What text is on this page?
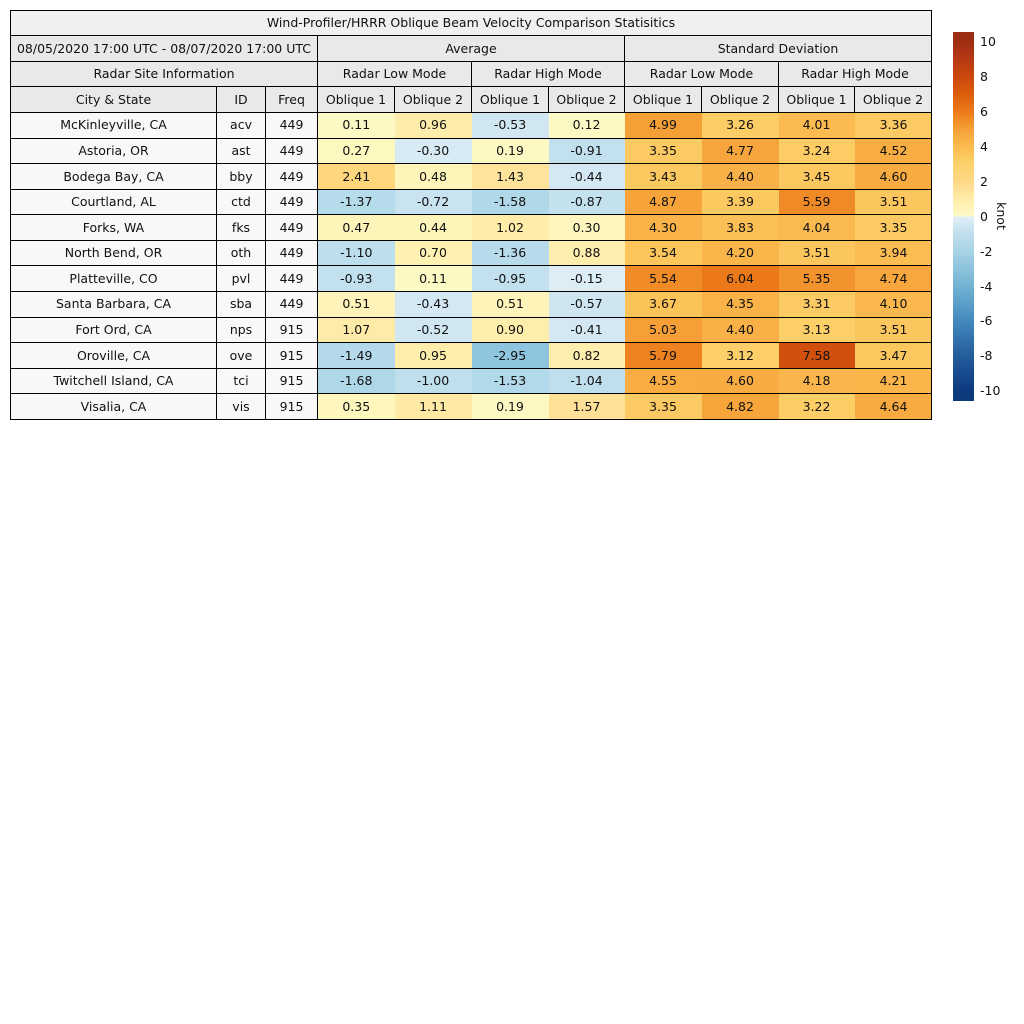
Wind-Profiler/HRRR Oblique Beam Velocity Comparison Statisitics										
08/05/2020 17:00 UTC - 08/07/2020 17:00 UTC			Average				Standard Deviation			
Radar Site Information			Radar Low Mode		Radar High Mode		Radar Low Mode		Radar High Mode	
City & State	ID	Freq	Oblique 1	Oblique 2	Oblique 1	Oblique 2	Oblique 1	Oblique 2	Oblique 1	Oblique 2
McKinleyville, CA	acv	449	0.11	0.96	-0.53	0.12	4.99	3.26	4.01	3.36
Astoria, OR	ast	449	0.27	-0.30	0.19	-0.91	3.35	4.77	3.24	4.52
Bodega Bay, CA	bby	449	2.41	0.48	1.43	-0.44	3.43	4.40	3.45	4.60
Courtland, AL	ctd	449	-1.37	-0.72	-1.58	-0.87	4.87	3.39	5.59	3.51
Forks, WA	fks	449	0.47	0.44	1.02	0.30	4.30	3.83	4.04	3.35
North Bend, OR	oth	449	-1.10	0.70	-1.36	0.88	3.54	4.20	3.51	3.94
Platteville, CO	pvl	449	-0.93	0.11	-0.95	-0.15	5.54	6.04	5.35	4.74
Santa Barbara, CA	sba	449	0.51	-0.43	0.51	-0.57	3.67	4.35	3.31	4.10
Fort Ord, CA	nps	915	1.07	-0.52	0.90	-0.41	5.03	4.40	3.13	3.51
Oroville, CA	ove	915	-1.49	0.95	-2.95	0.82	5.79	3.12	7.58	3.47
Twitchell Island, CA	tci	915	-1.68	-1.00	-1.53	-1.04	4.55	4.60	4.18	4.21
Visalia, CA	vis	915	0.35	1.11	0.19	1.57	3.35	4.82	3.22	4.64
10
8
6
4
2
0
-2
-4
-6
-8
-10
knot
